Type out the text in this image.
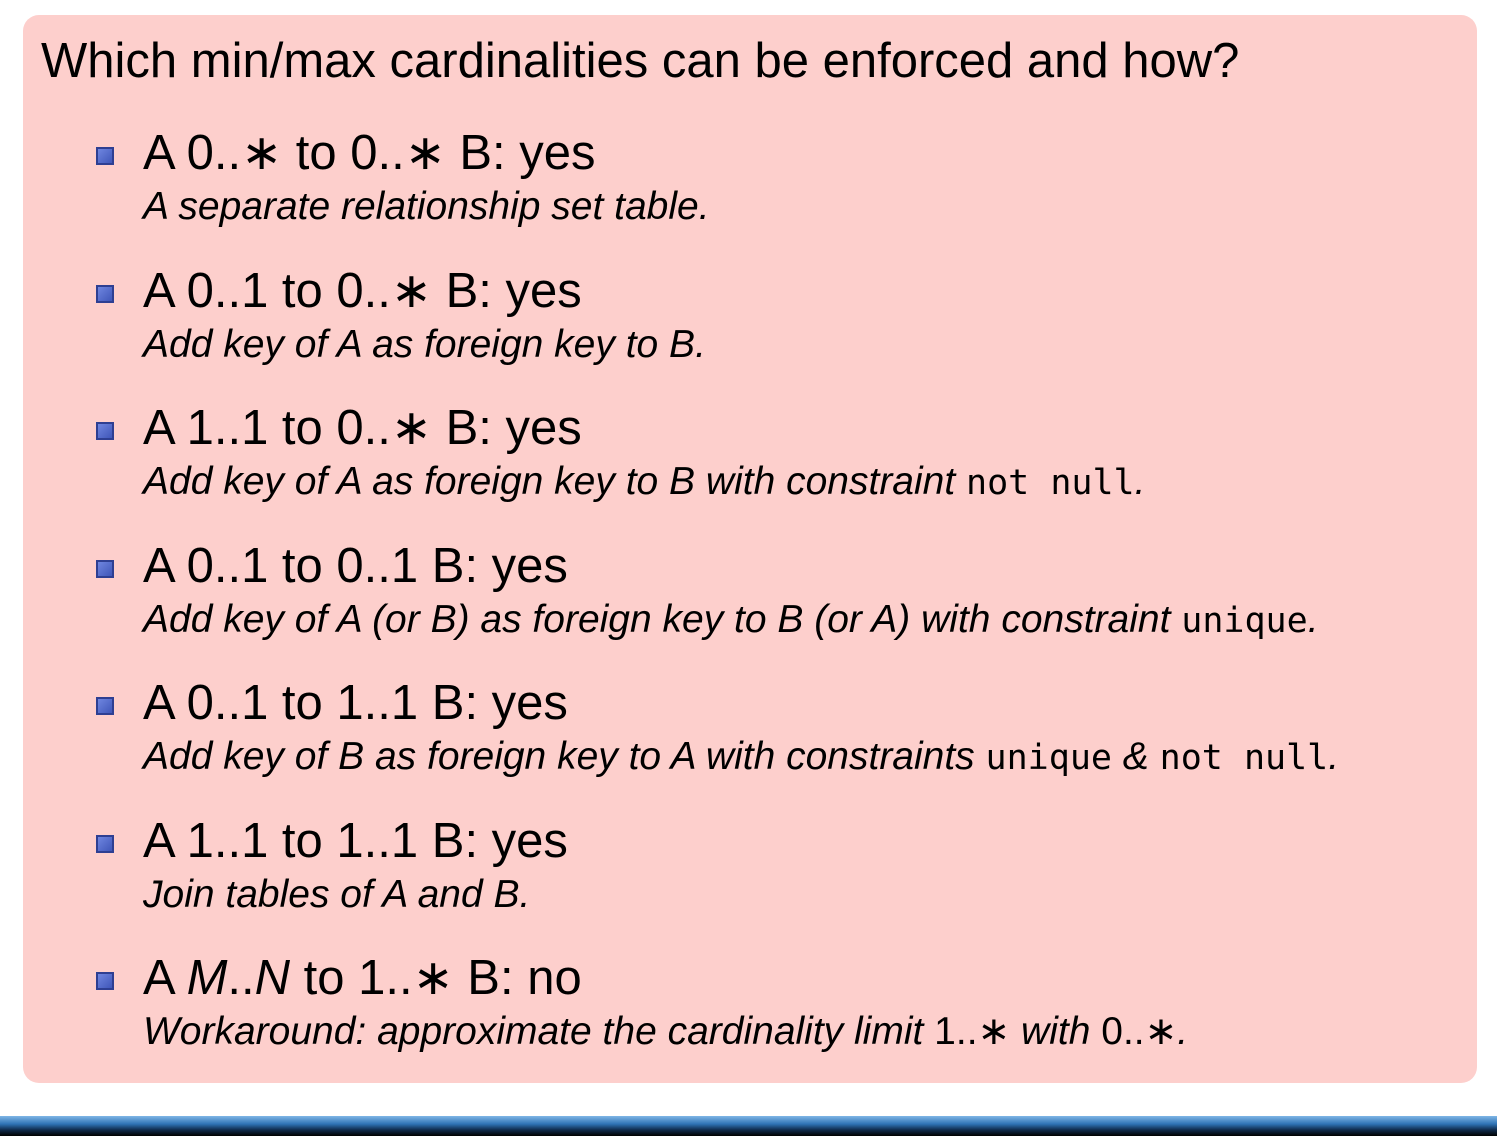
Which min/max cardinalities can be enforced and how?
A 0..∗ to 0..∗ B: yes
A separate relationship set table.
A 0..1 to 0..∗ B: yes
Add key of A as foreign key to B.
A 1..1 to 0..∗ B: yes
Add key of A as foreign key to B with constraint not null.
A 0..1 to 0..1 B: yes
Add key of A (or B) as foreign key to B (or A) with constraint unique.
A 0..1 to 1..1 B: yes
Add key of B as foreign key to A with constraints unique & not null.
A 1..1 to 1..1 B: yes
Join tables of A and B.
A M..N to 1..∗ B: no
Workaround: approximate the cardinality limit 1..∗ with 0..∗.
